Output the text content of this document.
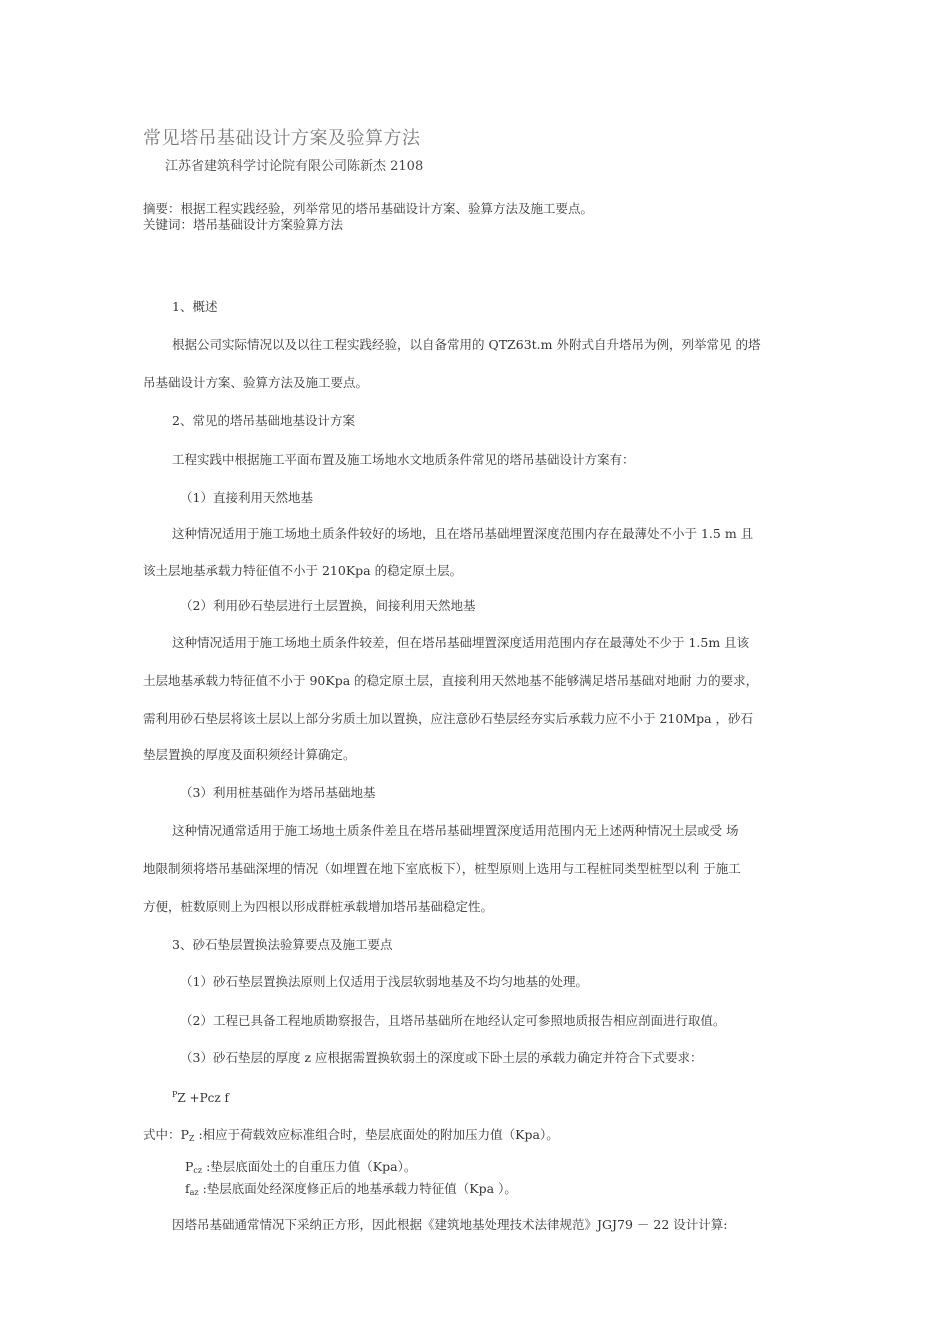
常见塔吊基础设计方案及验算方法
江苏省建筑科学讨论院有限公司陈新杰 2108
摘要：根据工程实践经验，列举常见的塔吊基础设计方案、验算方法及施工要点。
关键词：塔吊基础设计方案验算方法
1、概述
根据公司实际情况以及以往工程实践经验，以自备常用的 QTZ63t.m 外附式自升塔吊为例，列举常见 的塔
吊基础设计方案、验算方法及施工要点。
2、常见的塔吊基础地基设计方案
工程实践中根据施工平面布置及施工场地水文地质条件常见的塔吊基础设计方案有：
（1）直接利用天然地基
这种情况适用于施工场地土质条件较好的场地，且在塔吊基础埋置深度范围内存在最薄处不小于 1.5 m 且
该土层地基承载力特征值不小于 210Kpa 的稳定原土层。
（2）利用砂石垫层进行土层置换，间接利用天然地基
这种情况适用于施工场地土质条件较差，但在塔吊基础埋置深度适用范围内存在最薄处不少于 1.5m 且该
土层地基承载力特征值不小于 90Kpa 的稳定原土层，直接利用天然地基不能够满足塔吊基础对地耐 力的要求，
需利用砂石垫层将该土层以上部分劣质土加以置换，应注意砂石垫层经夯实后承载力应不小于 210Mpa ，砂石
垫层置换的厚度及面积须经计算确定。
（3）利用桩基础作为塔吊基础地基
这种情况通常适用于施工场地土质条件差且在塔吊基础埋置深度适用范围内无上述两种情况土层或受 场
地限制须将塔吊基础深埋的情况（如埋置在地下室底板下），桩型原则上选用与工程桩同类型桩型以利 于施工
方便，桩数原则上为四根以形成群桩承载增加塔吊基础稳定性。
3、砂石垫层置换法验算要点及施工要点
（1）砂石垫层置换法原则上仅适用于浅层软弱地基及不均匀地基的处理。
（2）工程已具备工程地质勘察报告，且塔吊基础所在地经认定可参照地质报告相应剖面进行取值。
（3）砂石垫层的厚度 z 应根据需置换软弱土的深度或下卧土层的承载力确定并符合下式要求：
$^P$Z +Pcz f
式中：$P_Z$ :相应于荷载效应标准组合时，垫层底面处的附加压力值（Kpa）。
$P_{cz}$ :垫层底面处土的自重压力值（Kpa）。
$f_{az}$ :垫层底面处经深度修正后的地基承载力特征值（Kpa ）。
因塔吊基础通常情况下采纳正方形，因此根据《建筑地基处理技术法律规范》JGJ79 － 22 设计计算:
